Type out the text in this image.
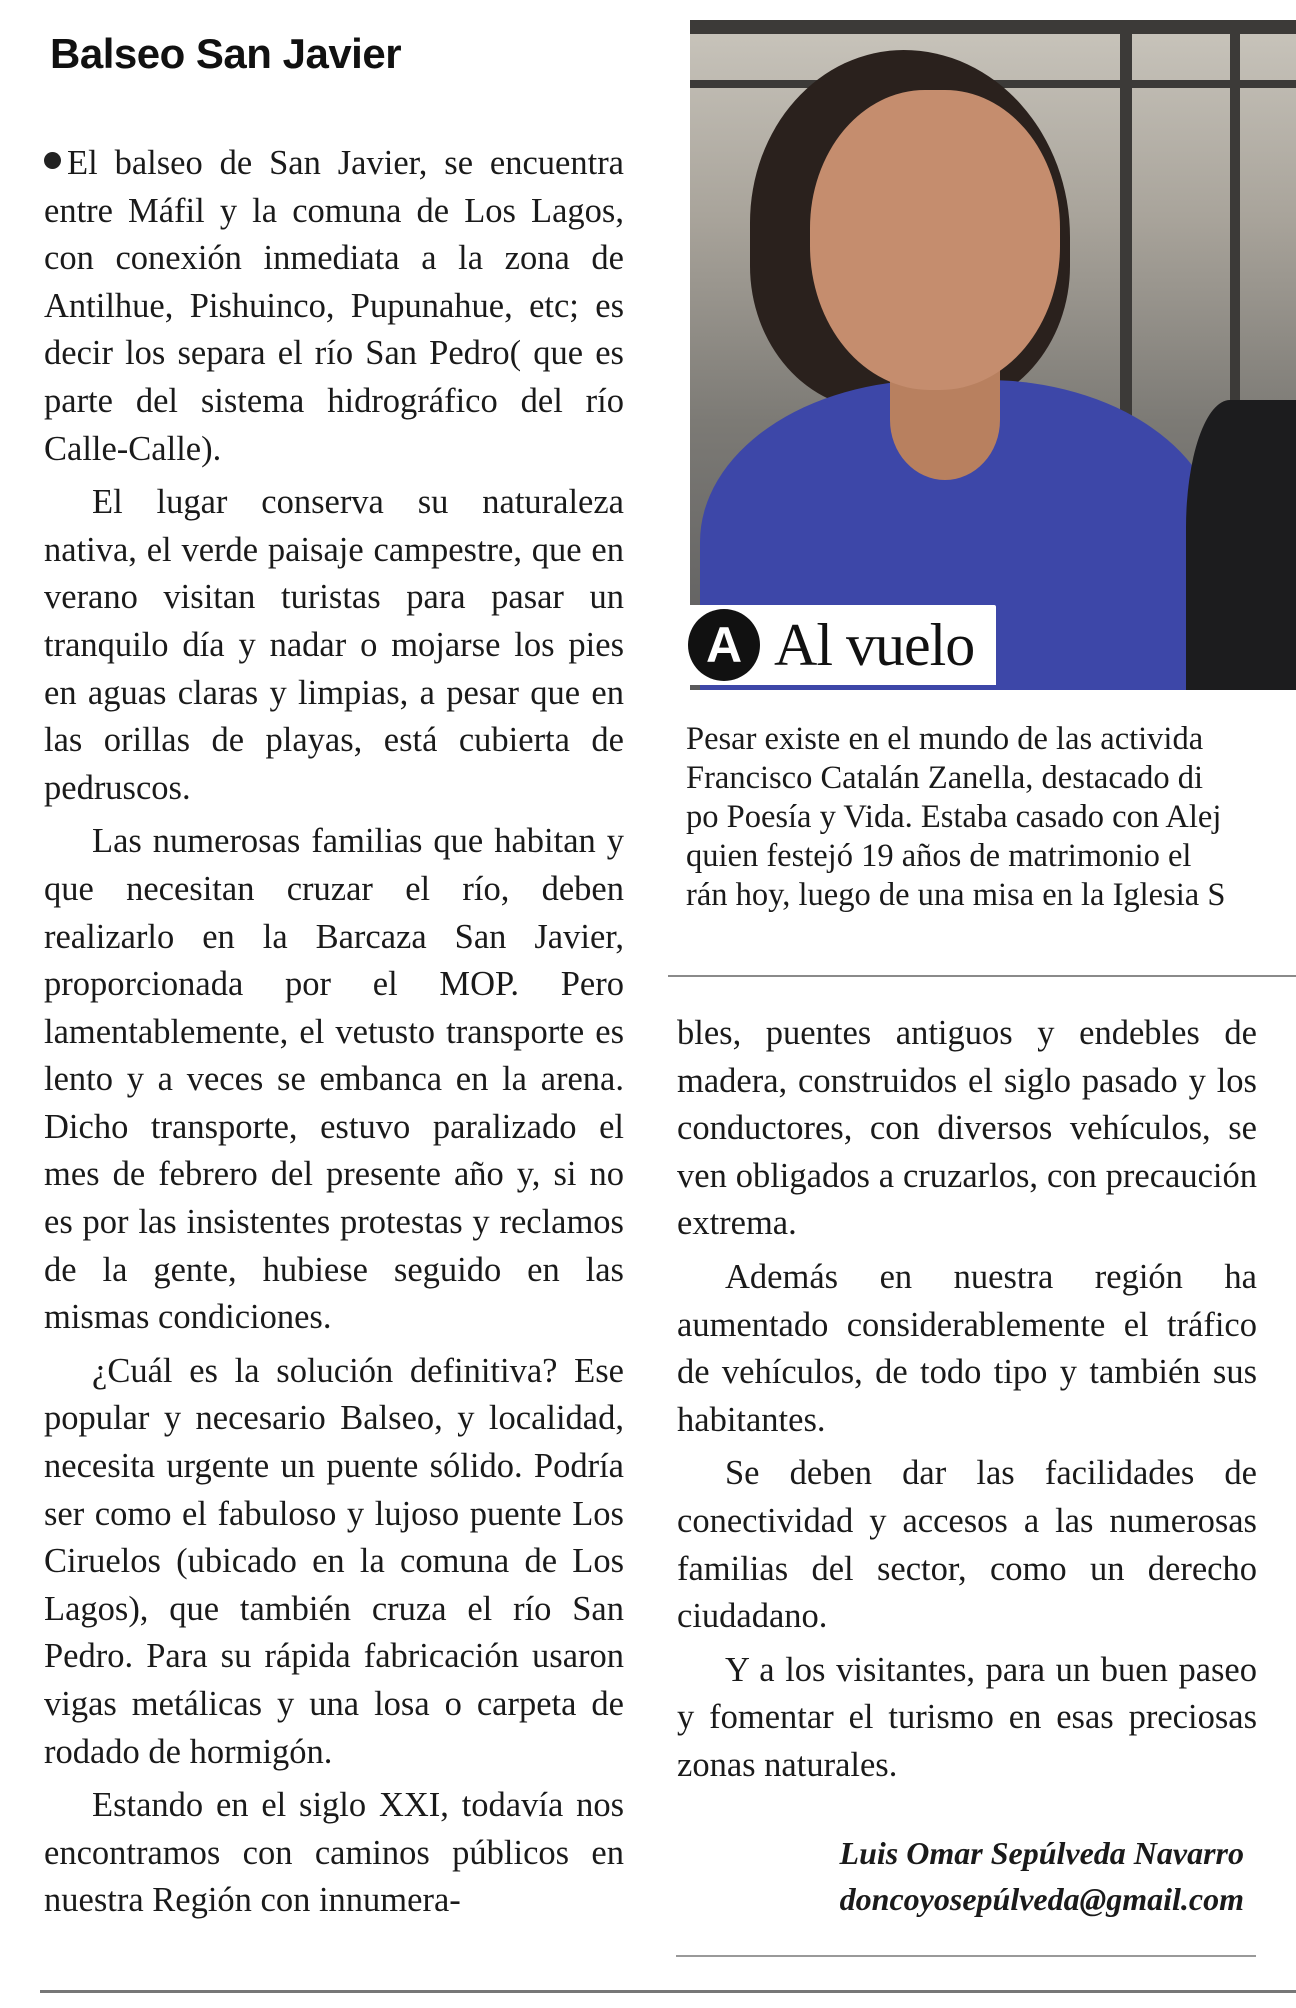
Balseo San Javier

El balseo de San Javier, se encuentra entre Máfil y la comuna de Los Lagos, con conexión inmediata a la zona de Antilhue, Pishuinco, Pupunahue, etc; es decir los separa el río San Pedro( que es parte del sistema hidrográfico del río Calle-Calle).

El lugar conserva su naturaleza nativa, el verde paisaje campestre, que en verano visitan turistas para pasar un tranquilo día y nadar o mojarse los pies en aguas claras y limpias, a pesar que en las orillas de playas, está cubierta de pedruscos.

Las numerosas familias que habitan y que necesitan cruzar el río, deben realizarlo en la Barcaza San Javier, proporcionada por el MOP. Pero lamentablemente, el vetusto transporte es lento y a veces se embanca en la arena. Dicho transporte, estuvo paralizado el mes de febrero del presente año y, si no es por las insistentes protestas y reclamos de la gente, hubiese seguido en las mismas condiciones.

¿Cuál es la solución definitiva? Ese popular y necesario Balseo, y localidad, necesita urgente un puente sólido. Podría ser como el fabuloso y lujoso puente Los Ciruelos (ubicado en la comuna de Los Lagos), que también cruza el río San Pedro. Para su rápida fabricación usaron vigas metálicas y una losa o carpeta de rodado de hormigón.

Estando en el siglo XXI, todavía nos encontramos con caminos públicos en nuestra Región con innumera-

A Al vuelo
Pesar existe en el mundo de las activida
Francisco Catalán Zanella, destacado di
po Poesía y Vida. Estaba casado con Alej
quien festejó 19 años de matrimonio el
rán hoy, luego de una misa en la Iglesia S

bles, puentes antiguos y endebles de madera, construidos el siglo pasado y los conductores, con diversos vehículos, se ven obligados a cruzarlos, con precaución extrema.

Además en nuestra región ha aumentado considerablemente el tráfico de vehículos, de todo tipo y también sus habitantes.

Se deben dar las facilidades de conectividad y accesos a las numerosas familias del sector, como un derecho ciudadano.

Y a los visitantes, para un buen paseo y fomentar el turismo en esas preciosas zonas naturales.

Luis Omar Sepúlveda Navarro
doncoyosepúlveda@gmail.com
